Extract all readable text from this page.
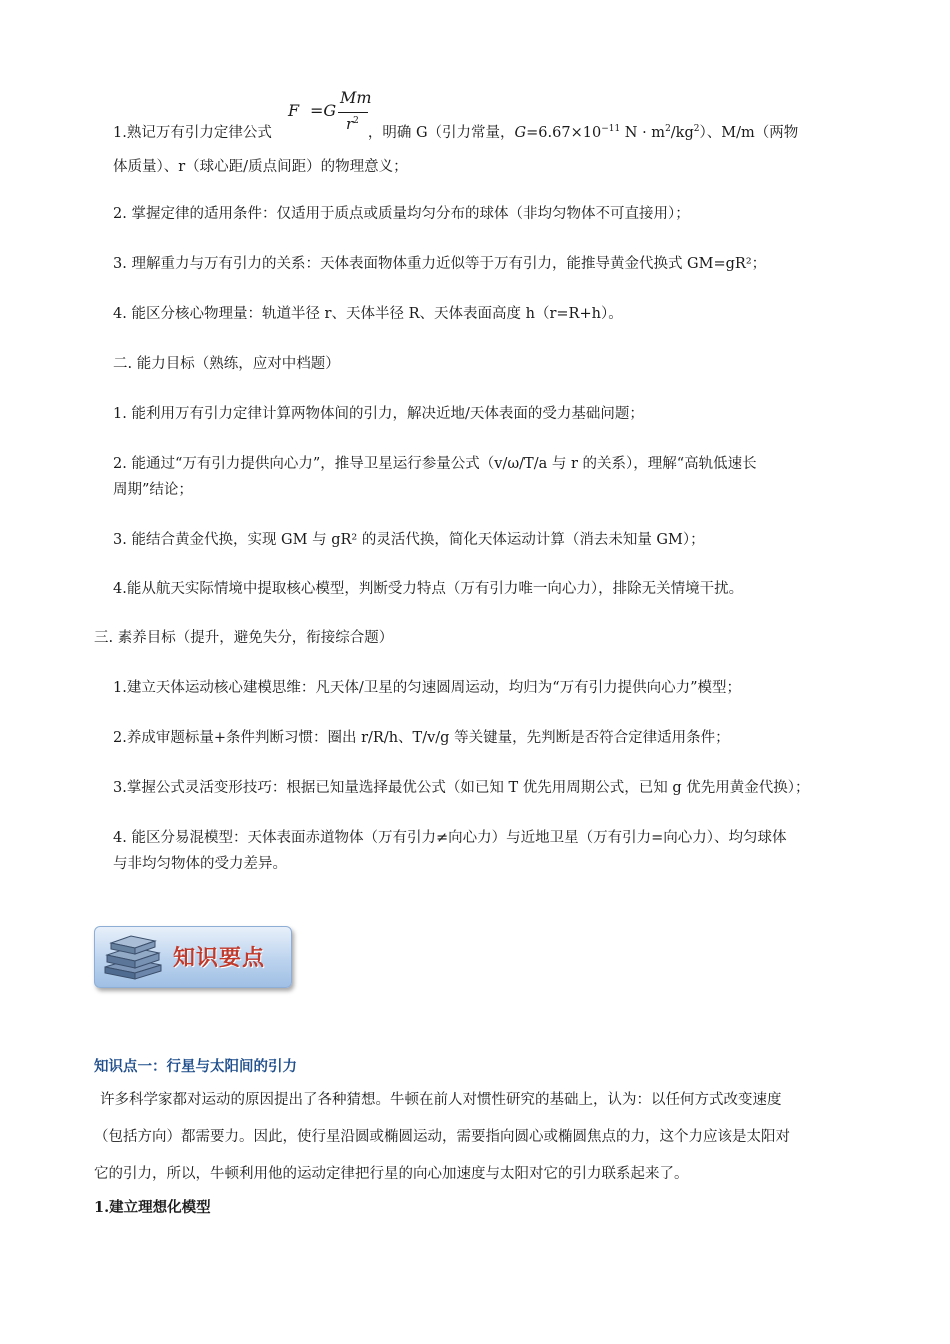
F =G
Mm
$r^2$

1.熟记万有引力定律公式	，明确 G（引力常量，$G=6.67\times 10^{-11}$ $N \cdot m^2/kg^2$）、M/m（两物

体质量）、r（球心距/质点间距）的物理意义；

2. 掌握定律的适用条件：仅适用于质点或质量均匀分布的球体（非均匀物体不可直接用）；

3. 理解重力与万有引力的关系：天体表面物体重力近似等于万有引力，能推导黄金代换式 GM=gR²；

4. 能区分核心物理量：轨道半径 r、天体半径 R、天体表面高度 h（r=R+h）。

二. 能力目标（熟练，应对中档题）

1. 能利用万有引力定律计算两物体间的引力，解决近地/天体表面的受力基础问题；

2. 能通过“万有引力提供向心力”，推导卫星运行参量公式（v/ω/T/a 与 r 的关系），理解“高轨低速长

周期”结论；

3. 能结合黄金代换，实现 GM 与 gR² 的灵活代换，简化天体运动计算（消去未知量 GM）；

4.能从航天实际情境中提取核心模型，判断受力特点（万有引力唯一向心力），排除无关情境干扰。

三. 素养目标（提升，避免失分，衔接综合题）

1.建立天体运动核心建模思维：凡天体/卫星的匀速圆周运动，均归为“万有引力提供向心力”模型；

2.养成审题标量+条件判断习惯：圈出 r/R/h、T/v/g 等关键量，先判断是否符合定律适用条件；

3.掌握公式灵活变形技巧：根据已知量选择最优公式（如已知 T 优先用周期公式，已知 g 优先用黄金代换）；

4. 能区分易混模型：天体表面赤道物体（万有引力≠向心力）与近地卫星（万有引力=向心力）、均匀球体

与非均匀物体的受力差异。

知识要点
知识点一：行星与太阳间的引力

许多科学家都对运动的原因提出了各种猜想。牛顿在前人对惯性研究的基础上，认为：以任何方式改变速度

（包括方向）都需要力。因此，使行星沿圆或椭圆运动，需要指向圆心或椭圆焦点的力，这个力应该是太阳对

它的引力，所以，牛顿利用他的运动定律把行星的向心加速度与太阳对它的引力联系起来了。

1.建立理想化模型
